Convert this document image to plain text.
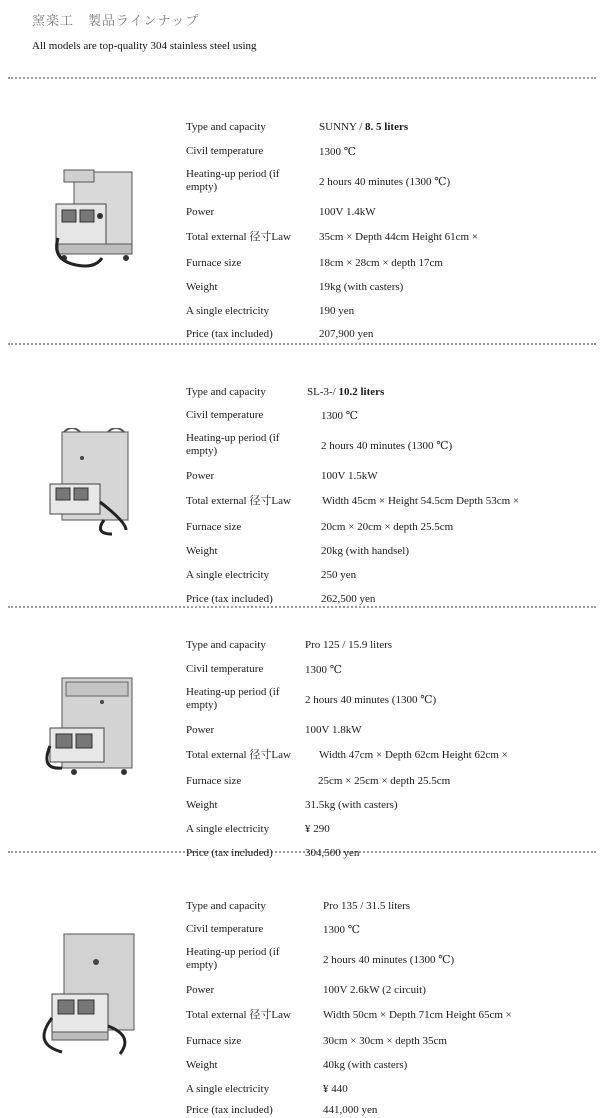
窯楽工　製品ラインナップ
All models are top-quality 304 stainless steel using
Type and capacity	SUNNY / 8. 5 liters
Civil temperature	1300 ℃
Heating-up period (if empty)	2 hours 40 minutes (1300 ℃)
Power	100V 1.4kW
Total external 径寸Law	35cm × Depth 44cm Height 61cm ×
Furnace size	18cm × 28cm × depth 17cm
Weight	19kg (with casters)
A single electricity	190 yen
Price (tax included)	207,900 yen
Type and capacity	SL-3-/ 10.2 liters
Civil temperature	1300 ℃
Heating-up period (if empty)	2 hours 40 minutes (1300 ℃)
Power	100V 1.5kW
Total external 径寸Law	Width 45cm × Height 54.5cm Depth 53cm ×
Furnace size	20cm × 20cm × depth 25.5cm
Weight	20kg (with handsel)
A single electricity	250 yen
Price (tax included)	262,500 yen
Type and capacity	Pro 125 / 15.9 liters
Civil temperature	1300 ℃
Heating-up period (if empty)	2 hours 40 minutes (1300 ℃)
Power	100V 1.8kW
Total external 径寸Law	Width 47cm × Depth 62cm Height 62cm ×
Furnace size	25cm × 25cm × depth 25.5cm
Weight	31.5kg (with casters)
A single electricity	¥ 290
Price (tax included)	304,500 yen
Type and capacity	Pro 135 / 31.5 liters
Civil temperature	1300 ℃
Heating-up period (if empty)	2 hours 40 minutes (1300 ℃)
Power	100V 2.6kW (2 circuit)
Total external 径寸Law	Width 50cm × Depth 71cm Height 65cm ×
Furnace size	30cm × 30cm × depth 35cm
Weight	40kg (with casters)
A single electricity	¥ 440
Price (tax included)	441,000 yen
